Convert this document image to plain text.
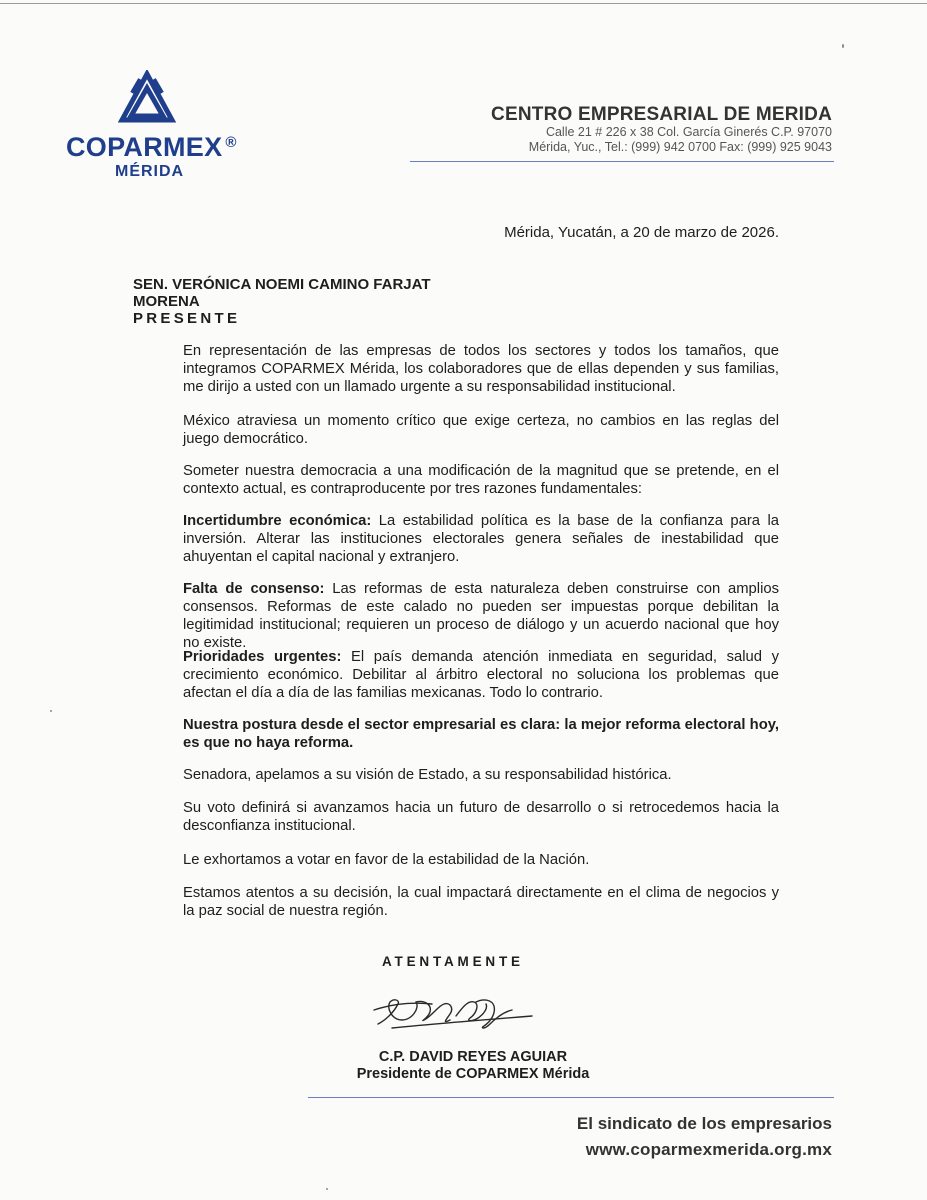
COPARMEX ®
MÉRIDA
CENTRO EMPRESARIAL DE MERIDA
Calle 21 # 226 x 38 Col. García Ginerés C.P. 97070
Mérida, Yuc., Tel.: (999) 942 0700 Fax: (999) 925 9043
Mérida, Yucatán, a 20 de marzo de 2026.
SEN. VERÓNICA NOEMI CAMINO FARJAT
MORENA
PRESENTE
En representación de las empresas de todos los sectores y todos los tamaños, que integramos COPARMEX Mérida, los colaboradores que de ellas dependen y sus familias, me dirijo a usted con un llamado urgente a su responsabilidad institucional.
México atraviesa un momento crítico que exige certeza, no cambios en las reglas del juego democrático.
Someter nuestra democracia a una modificación de la magnitud que se pretende, en el contexto actual, es contraproducente por tres razones fundamentales:
Incertidumbre económica: La estabilidad política es la base de la confianza para la inversión. Alterar las instituciones electorales genera señales de inestabilidad que ahuyentan el capital nacional y extranjero.
Falta de consenso: Las reformas de esta naturaleza deben construirse con amplios consensos. Reformas de este calado no pueden ser impuestas porque debilitan la legitimidad institucional; requieren un proceso de diálogo y un acuerdo nacional que hoy no existe.
Prioridades urgentes: El país demanda atención inmediata en seguridad, salud y crecimiento económico. Debilitar al árbitro electoral no soluciona los problemas que afectan el día a día de las familias mexicanas. Todo lo contrario.
Nuestra postura desde el sector empresarial es clara: la mejor reforma electoral hoy, es que no haya reforma.
Senadora, apelamos a su visión de Estado, a su responsabilidad histórica.
Su voto definirá si avanzamos hacia un futuro de desarrollo o si retrocedemos hacia la desconfianza institucional.
Le exhortamos a votar en favor de la estabilidad de la Nación.
Estamos atentos a su decisión, la cual impactará directamente en el clima de negocios y la paz social de nuestra región.
ATENTAMENTE
C.P. DAVID REYES AGUIAR
Presidente de COPARMEX Mérida
El sindicato de los empresarios
www.coparmexmerida.org.mx
